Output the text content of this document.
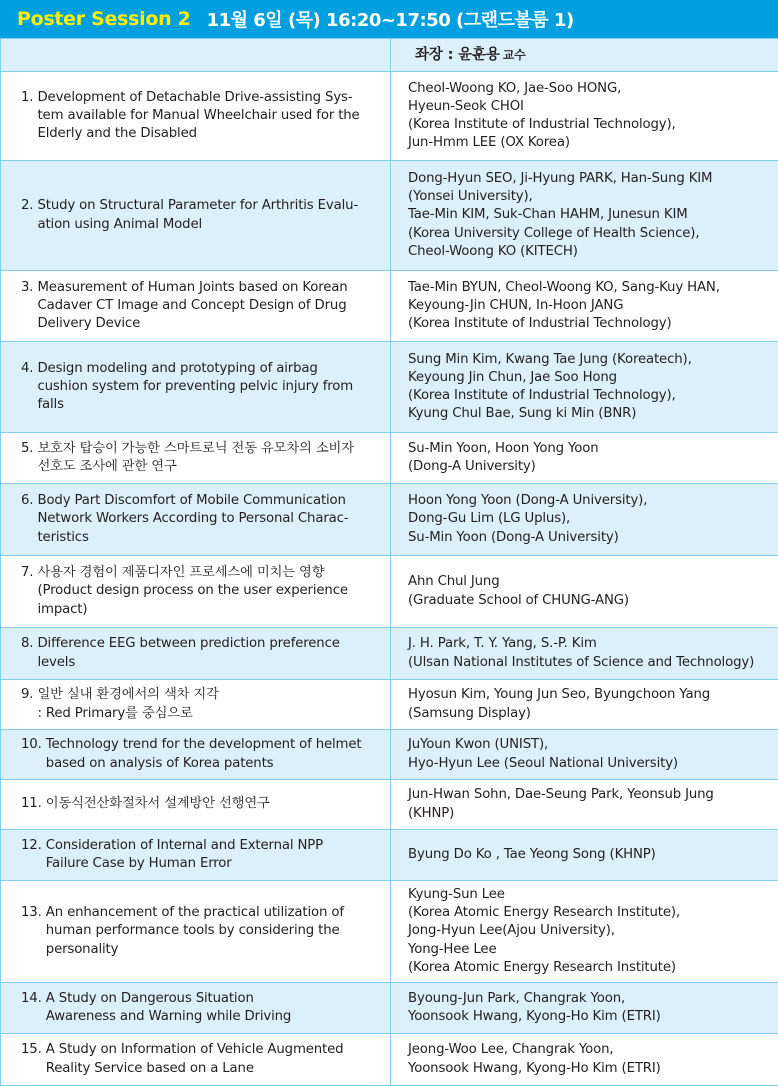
Poster Session 2 11월 6일 (목) 16:20~17:50 (그랜드볼룸 1)
	좌장 : 윤훈용 교수

1. Development of Detachable Drive-assisting Sys-
tem available for Manual Wheelchair used for the
Elderly and the Disabled	Cheol-Woong KO, Jae-Soo HONG,
Hyeun-Seok CHOI
(Korea Institute of Industrial Technology),
Jun-Hmm LEE (OX Korea)

2. Study on Structural Parameter for Arthritis Evalu-
ation using Animal Model	Dong-Hyun SEO, Ji-Hyung PARK, Han-Sung KIM
(Yonsei University),
Tae-Min KIM, Suk-Chan HAHM, Junesun KIM
(Korea University College of Health Science),
Cheol-Woong KO (KITECH)

3. Measurement of Human Joints based on Korean
Cadaver CT Image and Concept Design of Drug
Delivery Device	Tae-Min BYUN, Cheol-Woong KO, Sang-Kuy HAN,
Keyoung-Jin CHUN, In-Hoon JANG
(Korea Institute of Industrial Technology)

4. Design modeling and prototyping of airbag
cushion system for preventing pelvic injury from
falls	Sung Min Kim, Kwang Tae Jung (Koreatech),
Keyoung Jin Chun, Jae Soo Hong
(Korea Institute of Industrial Technology),
Kyung Chul Bae, Sung ki Min (BNR)

5. 보호자 탑승이 가능한 스마트로닉 전동 유모차의 소비자
선호도 조사에 관한 연구	Su-Min Yoon, Hoon Yong Yoon
(Dong-A University)

6. Body Part Discomfort of Mobile Communication
Network Workers According to Personal Charac-
teristics	Hoon Yong Yoon (Dong-A University),
Dong-Gu Lim (LG Uplus),
Su-Min Yoon (Dong-A University)

7. 사용자 경험이 제품디자인 프로세스에 미치는 영향
(Product design process on the user experience
impact)	Ahn Chul Jung
(Graduate School of CHUNG-ANG)

8. Difference EEG between prediction preference
levels	J. H. Park, T. Y. Yang, S.-P. Kim
(Ulsan National Institutes of Science and Technology)

9. 일반 실내 환경에서의 색차 지각
: Red Primary를 중심으로	Hyosun Kim, Young Jun Seo, Byungchoon Yang
(Samsung Display)

10. Technology trend for the development of helmet
based on analysis of Korea patents	JuYoun Kwon (UNIST),
Hyo-Hyun Lee (Seoul National University)

11. 이동식전산화절차서 설계방안 선행연구	Jun-Hwan Sohn, Dae-Seung Park, Yeonsub Jung
(KHNP)

12. Consideration of Internal and External NPP
Failure Case by Human Error	Byung Do Ko , Tae Yeong Song (KHNP)

13. An enhancement of the practical utilization of
human performance tools by considering the
personality	Kyung-Sun Lee
(Korea Atomic Energy Research Institute),
Jong-Hyun Lee(Ajou University),
Yong-Hee Lee
(Korea Atomic Energy Research Institute)

14. A Study on Dangerous Situation
Awareness and Warning while Driving	Byoung-Jun Park, Changrak Yoon,
Yoonsook Hwang, Kyong-Ho Kim (ETRI)

15. A Study on Information of Vehicle Augmented
Reality Service based on a Lane	Jeong-Woo Lee, Changrak Yoon,
Yoonsook Hwang, Kyong-Ho Kim (ETRI)
